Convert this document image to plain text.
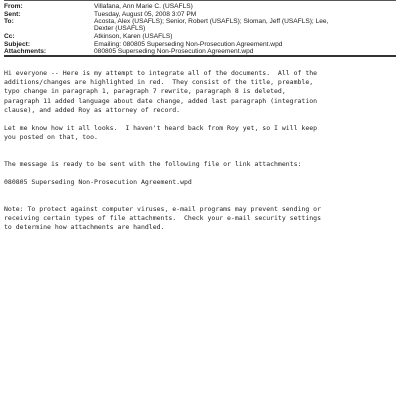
From:	Villafana, Ann Marie C. (USAFLS)
Sent:	Tuesday, August 05, 2008 3:07 PM
To:	Acosta, Alex (USAFLS); Senior, Robert (USAFLS); Sloman, Jeff (USAFLS); Lee, Dexter (USAFLS)
Cc:	Atkinson, Karen (USAFLS)
Subject:	Emailing: 080805 Superseding Non-Prosecution Agreement.wpd
Attachments:	080805 Superseding Non-Prosecution Agreement.wpd
Hi everyone -- Here is my attempt to integrate all of the documents.  All of the
additions/changes are highlighted in red.  They consist of the title, preamble,
typo change in paragraph 1, paragraph 7 rewrite, paragraph 8 is deleted,
paragraph 11 added language about date change, added last paragraph (integration
clause), and added Roy as attorney of record.
Let me know how it all looks.  I haven't heard back from Roy yet, so I will keep
you posted on that, too.
The message is ready to be sent with the following file or link attachments:
080805 Superseding Non-Prosecution Agreement.wpd
Note: To protect against computer viruses, e-mail programs may prevent sending or
receiving certain types of file attachments.  Check your e-mail security settings
to determine how attachments are handled.
